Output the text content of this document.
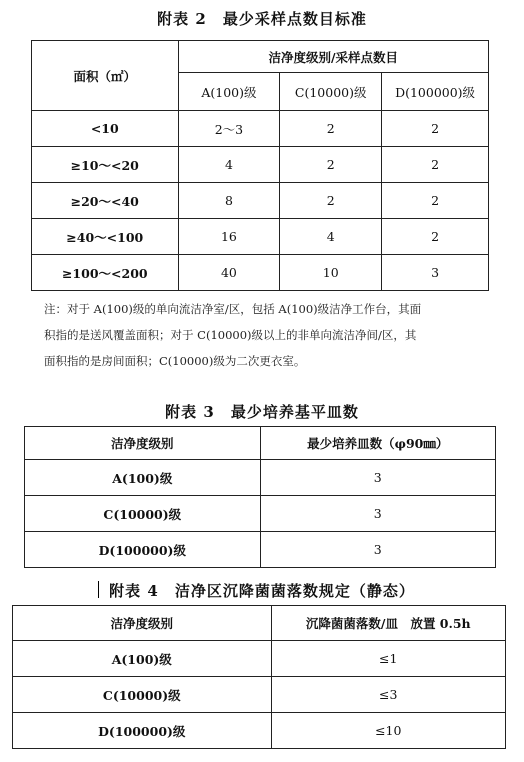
附表 2　最少采样点数目标准
面积（㎡）	洁净度级别/采样点数目		
	A(100)级	C(10000)级	D(100000)级
<10	2～3	2	2
≥10～<20	4	2	2
≥20～<40	8	2	2
≥40～<100	16	4	2
≥100～<200	40	10	3
注：对于 A(100)级的单向流洁净室/区，包括 A(100)级洁净工作台，其面
积指的是送风覆盖面积；对于 C(10000)级以上的非单向流洁净间/区，其
面积指的是房间面积；C(10000)级为二次更衣室。
附表 3　最少培养基平皿数
洁净度级别	最少培养皿数（φ90㎜）
A(100)级	3
C(10000)级	3
D(100000)级	3
附表 4　洁净区沉降菌菌落数规定（静态）
洁净度级别	沉降菌菌落数/皿　放置 0.5h
A(100)级	≤1
C(10000)级	≤3
D(100000)级	≤10
